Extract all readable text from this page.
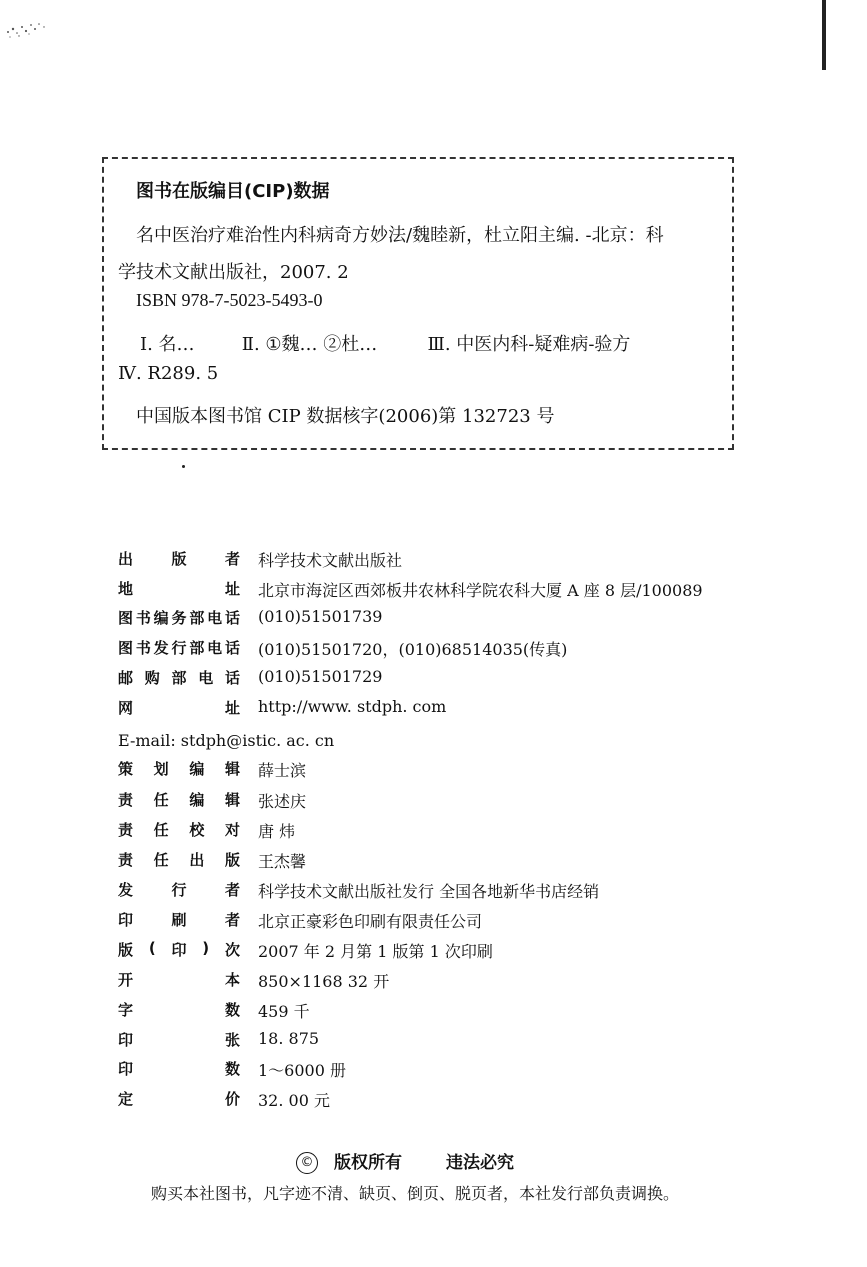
图书在版编目(CIP)数据
名中医治疗难治性内科病奇方妙法/魏睦新，杜立阳主编. -北京：科
学技术文献出版社，2007. 2
ISBN 978-7-5023-5493-0
Ⅰ. 名…	Ⅱ. ①魏… ②杜…	Ⅲ. 中医内科-疑难病-验方
Ⅳ. R289. 5
中国版本图书馆 CIP 数据核字(2006)第 132723 号
出	版	者 科学技术文献出版社
地	址 北京市海淀区西郊板井农林科学院农科大厦 A 座 8 层/100089
图 书 编 务 部 电 话 (010)51501739
图 书 发 行 部 电 话 (010)51501720，(010)68514035(传真)
邮 购 部 电 话 (010)51501729
网	址 http://www. stdph. com
E-mail: stdph@istic. ac. cn
策 划 编 辑 薛士滨
责 任 编 辑 张述庆
责 任 校 对 唐 炜
责 任 出 版 王杰馨
发	行	者 科学技术文献出版社发行 全国各地新华书店经销
印	刷	者 北京正豪彩色印刷有限责任公司
版 ( 印 ) 次 2007 年 2 月第 1 版第 1 次印刷
开	本 850×1168 32 开
字	数 459 千
印	张 18. 875
印	数 1～6000 册
定	价 32. 00 元
© 版权所有	违法必究
购买本社图书，凡字迹不清、缺页、倒页、脱页者，本社发行部负责调换。
